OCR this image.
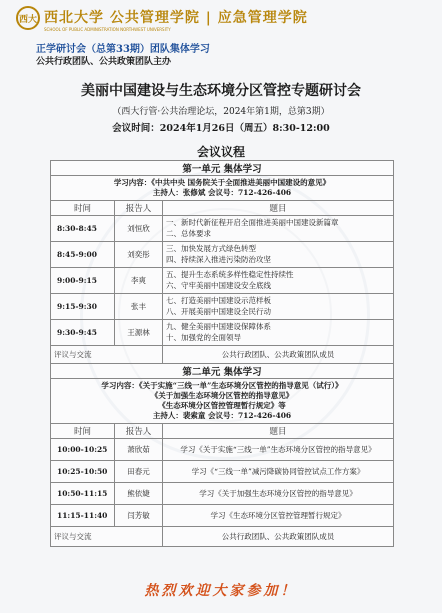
西大 西北大学 公共管理学院 | 应急管理学院
SCHOOL OF PUBLIC ADMINISTRATION NORTHWEST UNIVERSITY
正学研讨会（总第33期）团队集体学习
公共行政团队、公共政策团队主办
美丽中国建设与生态环境分区管控专题研讨会
（西大行管·公共治理论坛，2024年第1期，总第3期）
会议时间：2024年1月26日（周五）8:30-12:00
会议议程
第一单元 集体学习		

学习内容：《中共中央 国务院关于全面推进美丽中国建设的意见》
主持人：张修斌 会议号：712-426-406		

时间	报告人	题目
8:30-8:45	刘恒欣	一、新时代新征程开启全面推进美丽中国建设新篇章
二、总体要求

8:45-9:00	刘奕彤	三、加快发展方式绿色转型
四、持续深入推进污染防治攻坚

9:00-9:15	李爽	五、提升生态系统多样性稳定性持续性
六、守牢美丽中国建设安全底线

9:15-9:30	张丰	七、打造美丽中国建设示范样板
八、开展美丽中国建设全民行动

9:30-9:45	王源林	九、健全美丽中国建设保障体系
十、加强党的全面领导

评议与交流		公共行政团队、公共政策团队成员
第二单元 集体学习		

学习内容：《关于实施“三线一单”生态环境分区管控的指导意见（试行）》
《关于加强生态环境分区管控的指导意见》
《生态环境分区管控管理暂行规定》等
主持人：裴索童 会议号：712-426-406		

时间	报告人	题目
10:00-10:25	萧欣茹	学习《关于实施“三线一单”生态环境分区管控的指导意见》
10:25-10:50	田春元	学习《“三线一单”减污降碳协同管控试点工作方案》
10:50-11:15	熊依婕	学习《关于加强生态环境分区管控的指导意见》
11:15-11:40	闫芳敏	学习《生态环境分区管控管理暂行规定》
评议与交流		公共行政团队、公共政策团队成员
热烈欢迎大家参加！
